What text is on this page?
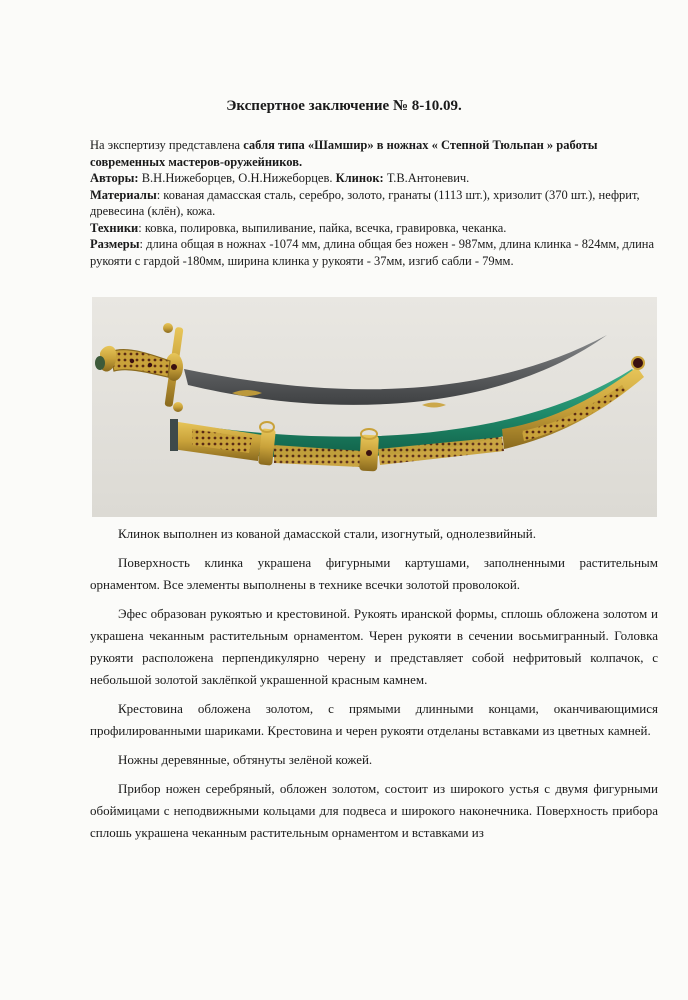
Экспертное заключение № 8-10.09.

На экспертизу представлена сабля типа «Шамшир» в ножнах « Степной Тюльпан » работы современных мастеров-оружейников.

Авторы: В.Н.Нижеборцев, О.Н.Нижеборцев. Клинок: Т.В.Антоневич.

Материалы: кованая дамасская сталь, серебро, золото, гранаты (1113 шт.), хризолит (370 шт.), нефрит, древесина (клён), кожа.

Техники: ковка, полировка, выпиливание, пайка, всечка, гравировка, чеканка.

Размеры: длина общая в ножнах -1074 мм, длина общая без ножен - 987мм, длина клинка - 824мм, длина рукояти с гардой -180мм, ширина клинка у рукояти - 37мм, изгиб сабли - 79мм.

Клинок выполнен из кованой дамасской стали, изогнутый, однолезвийный.

Поверхность клинка украшена фигурными картушами, заполненными растительным орнаментом. Все элементы выполнены в технике всечки золотой проволокой.

Эфес образован рукоятью и крестовиной. Рукоять иранской формы, сплошь обложена золотом и украшена чеканным растительным орнаментом. Черен рукояти в сечении восьмигранный. Головка рукояти расположена перпендикулярно черену и представляет собой нефритовый колпачок, с небольшой золотой заклёпкой украшенной красным камнем.

Крестовина обложена золотом, с прямыми длинными концами, оканчивающимися профилированными шариками. Крестовина и черен рукояти отделаны вставками из цветных камней.

Ножны деревянные, обтянуты зелёной кожей.

Прибор ножен серебряный, обложен золотом, состоит из широкого устья с двумя фигурными обоймицами с неподвижными кольцами для подвеса и широкого наконечника. Поверхность прибора сплошь украшена чеканным растительным орнаментом и вставками из
